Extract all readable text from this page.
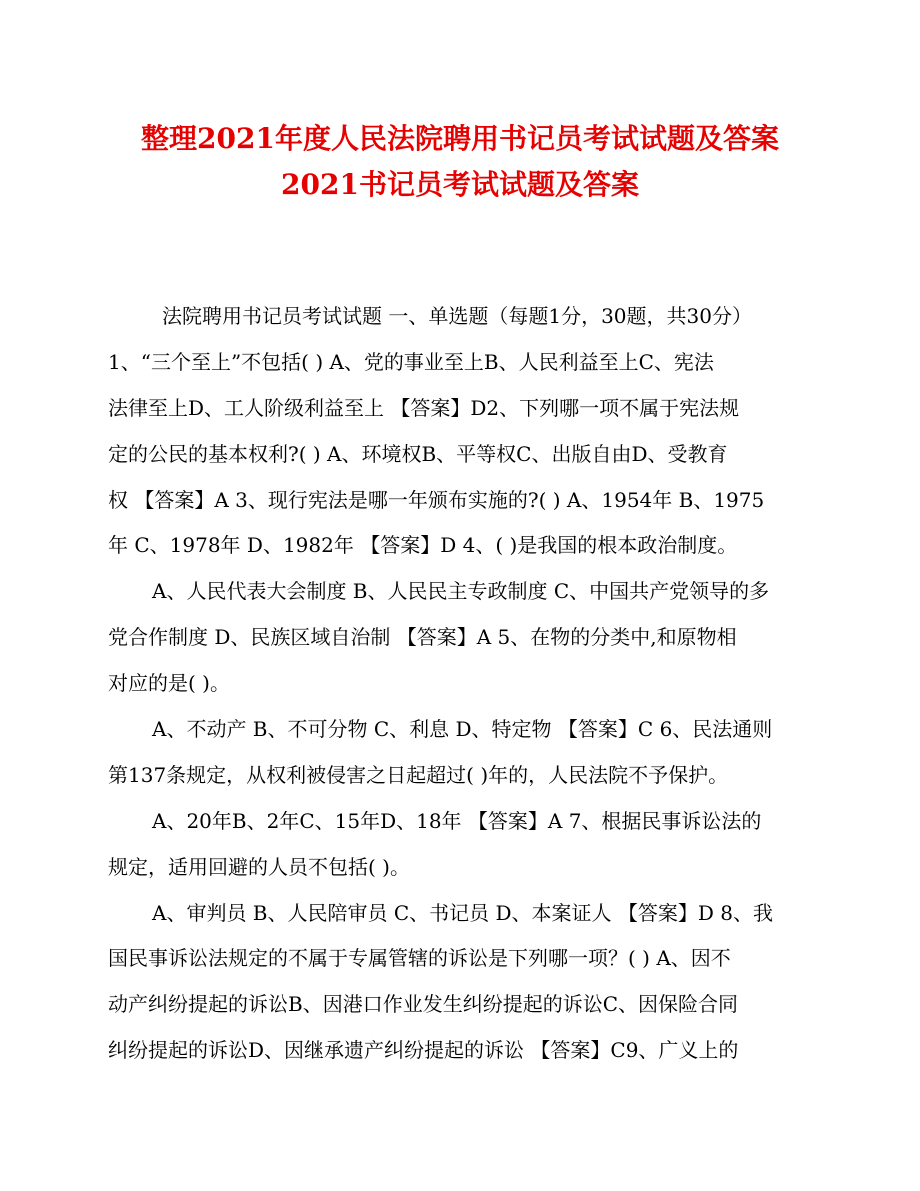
整理2021年度人民法院聘用书记员考试试题及答案
2021书记员考试试题及答案
法院聘用书记员考试试题 一、单选题（每题1分，30题，共30分）
1、“三个至上”不包括( ) A、党的事业至上B、人民利益至上C、宪法
法律至上D、工人阶级利益至上 【答案】D2、下列哪一项不属于宪法规
定的公民的基本权利?( ) A、环境权B、平等权C、出版自由D、受教育
权 【答案】A 3、现行宪法是哪一年颁布实施的?( ) A、1954年 B、1975
年 C、1978年 D、1982年 【答案】D 4、( )是我国的根本政治制度。
A、人民代表大会制度 B、人民民主专政制度 C、中国共产党领导的多
党合作制度 D、民族区域自治制 【答案】A 5、在物的分类中,和原物相
对应的是( )。
A、不动产 B、不可分物 C、利息 D、特定物 【答案】C 6、民法通则
第137条规定，从权利被侵害之日起超过( )年的，人民法院不予保护。
A、20年B、2年C、15年D、18年 【答案】A 7、根据民事诉讼法的
规定，适用回避的人员不包括( )。
A、审判员 B、人民陪审员 C、书记员 D、本案证人 【答案】D 8、我
国民事诉讼法规定的不属于专属管辖的诉讼是下列哪一项？( ) A、因不
动产纠纷提起的诉讼B、因港口作业发生纠纷提起的诉讼C、因保险合同
纠纷提起的诉讼D、因继承遗产纠纷提起的诉讼 【答案】C9、广义上的
